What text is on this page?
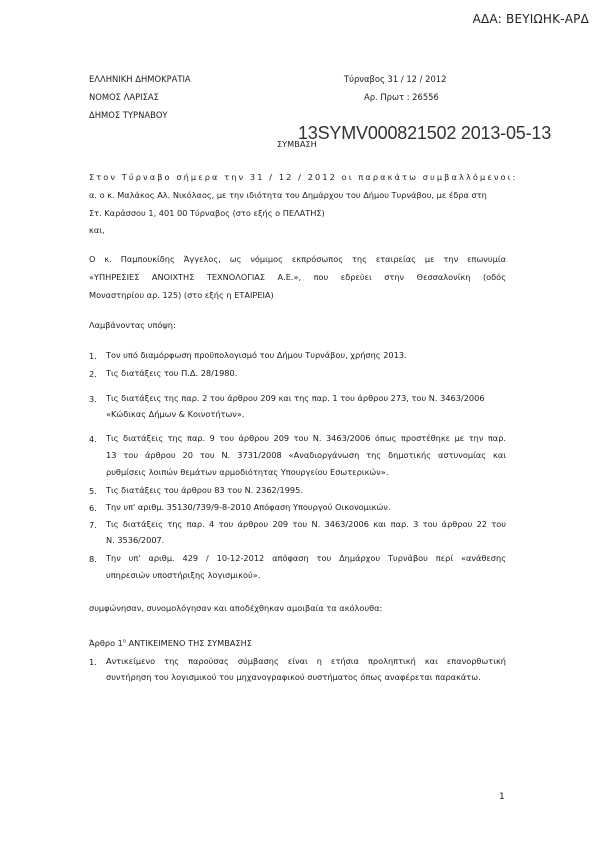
ΑΔΑ: ΒΕΥΙΩΗΚ-ΑΡΔ

ΕΛΛΗΝΙΚΗ ΔΗΜΟΚΡΑΤΙΑ

ΝΟΜΟΣ ΛΑΡΙΣΑΣ

ΔΗΜΟΣ ΤΥΡΝΑΒΟΥ

Τύρναβος 31 / 12 / 2012

Αρ. Πρωτ : 26556

13SYMV000821502 2013-05-13

ΣΥΜΒΑΣΗ

Στον Τύρναβο σήμερα την 31 / 12 / 2012 οι παρακάτω συμβαλλόμενοι:

α. ο κ. Μαλάκος Αλ. Νικόλαος, με την ιδιότητα του Δημάρχου του Δήμου Τυρνάβου, με έδρα στη

Στ. Καράσσου 1, 401 00 Τύρναβος (στο εξής ο ΠΕΛΑΤΗΣ)

και,

Ο κ. Παμπουκίδης Άγγελος, ως νόμιμος εκπρόσωπος της εταιρείας με την επωνυμία
«ΥΠΗΡΕΣΙΕΣ ΑΝΟΙΧΤΗΣ ΤΕΧΝΟΛΟΓΙΑΣ Α.Ε.», που εδρεύει στην Θεσσαλονίκη (οδός

Μοναστηρίου αρ. 125) (στο εξής η ΕΤΑΙΡΕΙΑ)

Λαμβάνοντας υπόψη:

1. Τον υπό διαμόρφωση προϋπολογισμό του Δήμου Τυρνάβου, χρήσης 2013.

2. Τις διατάξεις του Π.Δ. 28/1980.

3. Τις διατάξεις της παρ. 2 του άρθρου 209 και της παρ. 1 του άρθρου 273, του Ν. 3463/2006

«Κώδικας Δήμων & Κοινοτήτων».

4. Τις διατάξεις της παρ. 9 του άρθρου 209 του Ν. 3463/2006 όπως προστέθηκε με την παρ.

13 του άρθρου 20 του Ν. 3731/2008 «Αναδιοργάνωση της δημοτικής αστυνομίας και

ρυθμίσεις λοιπών θεμάτων αρμοδιότητας Υπουργείου Εσωτερικών».

5. Τις διατάξεις του άρθρου 83 του Ν. 2362/1995.

6. Την υπ' αριθμ. 35130/739/9-8-2010 Απόφαση Υπουργού Οικονομικών.

7. Τις διατάξεις της παρ. 4 του άρθρου 209 του Ν. 3463/2006 και παρ. 3 του άρθρου 22 του

Ν. 3536/2007.

8. Την υπ' αριθμ. 429 / 10-12-2012 απόφαση του Δημάρχου Τυρνάβου περί «ανάθεσης

υπηρεσιών υποστήριξης λογισμικού».

συμφώνησαν, συνομολόγησαν και αποδέχθηκαν αμοιβαία τα ακόλουθα:

Άρθρο $1^o$ ΑΝΤΙΚΕΙΜΕΝΟ ΤΗΣ ΣΥΜΒΑΣΗΣ

1. Αντικείμενο της παρούσας σύμβασης είναι η ετήσια προληπτική και επανορθωτική

συντήρηση του λογισμικού του μηχανογραφικού συστήματος όπως αναφέρεται παρακάτω.

1
